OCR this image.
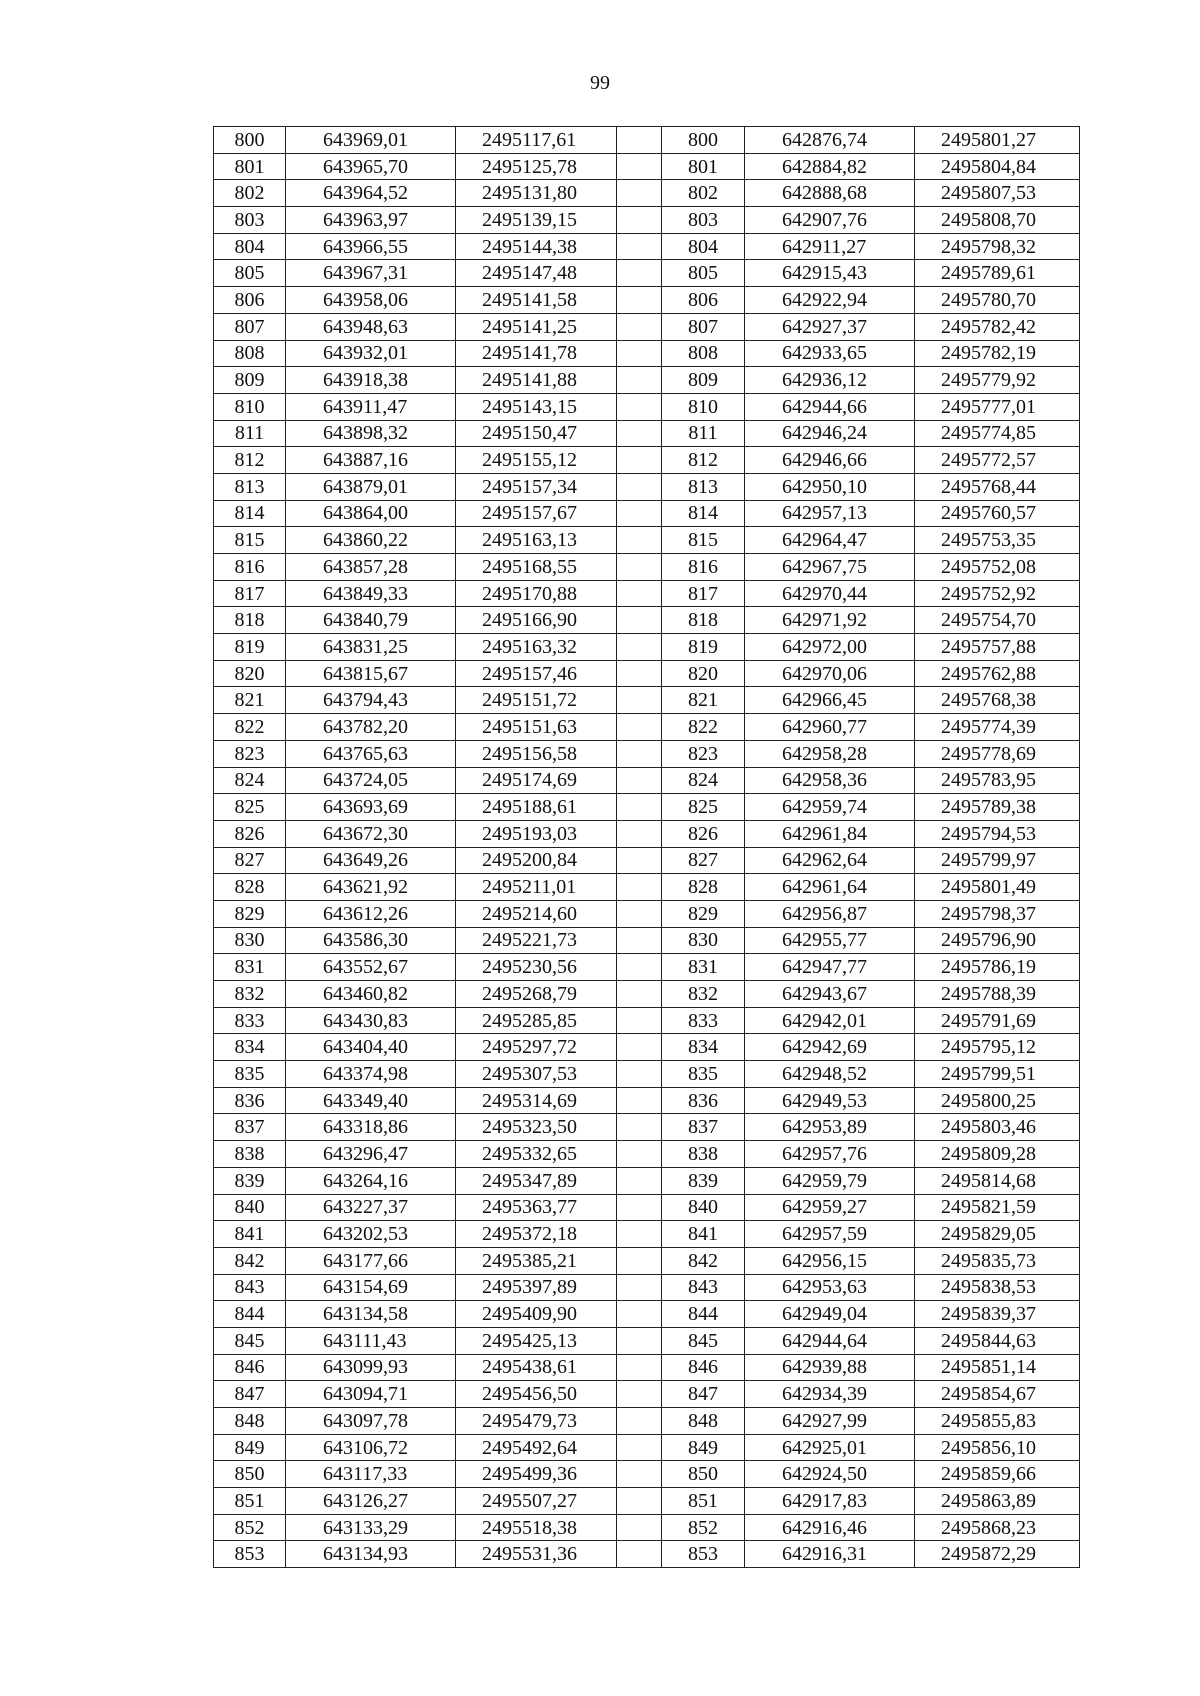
99
800	643969,01	2495117,61		800	642876,74	2495801,27
801	643965,70	2495125,78		801	642884,82	2495804,84
802	643964,52	2495131,80		802	642888,68	2495807,53
803	643963,97	2495139,15		803	642907,76	2495808,70
804	643966,55	2495144,38		804	642911,27	2495798,32
805	643967,31	2495147,48		805	642915,43	2495789,61
806	643958,06	2495141,58		806	642922,94	2495780,70
807	643948,63	2495141,25		807	642927,37	2495782,42
808	643932,01	2495141,78		808	642933,65	2495782,19
809	643918,38	2495141,88		809	642936,12	2495779,92
810	643911,47	2495143,15		810	642944,66	2495777,01
811	643898,32	2495150,47		811	642946,24	2495774,85
812	643887,16	2495155,12		812	642946,66	2495772,57
813	643879,01	2495157,34		813	642950,10	2495768,44
814	643864,00	2495157,67		814	642957,13	2495760,57
815	643860,22	2495163,13		815	642964,47	2495753,35
816	643857,28	2495168,55		816	642967,75	2495752,08
817	643849,33	2495170,88		817	642970,44	2495752,92
818	643840,79	2495166,90		818	642971,92	2495754,70
819	643831,25	2495163,32		819	642972,00	2495757,88
820	643815,67	2495157,46		820	642970,06	2495762,88
821	643794,43	2495151,72		821	642966,45	2495768,38
822	643782,20	2495151,63		822	642960,77	2495774,39
823	643765,63	2495156,58		823	642958,28	2495778,69
824	643724,05	2495174,69		824	642958,36	2495783,95
825	643693,69	2495188,61		825	642959,74	2495789,38
826	643672,30	2495193,03		826	642961,84	2495794,53
827	643649,26	2495200,84		827	642962,64	2495799,97
828	643621,92	2495211,01		828	642961,64	2495801,49
829	643612,26	2495214,60		829	642956,87	2495798,37
830	643586,30	2495221,73		830	642955,77	2495796,90
831	643552,67	2495230,56		831	642947,77	2495786,19
832	643460,82	2495268,79		832	642943,67	2495788,39
833	643430,83	2495285,85		833	642942,01	2495791,69
834	643404,40	2495297,72		834	642942,69	2495795,12
835	643374,98	2495307,53		835	642948,52	2495799,51
836	643349,40	2495314,69		836	642949,53	2495800,25
837	643318,86	2495323,50		837	642953,89	2495803,46
838	643296,47	2495332,65		838	642957,76	2495809,28
839	643264,16	2495347,89		839	642959,79	2495814,68
840	643227,37	2495363,77		840	642959,27	2495821,59
841	643202,53	2495372,18		841	642957,59	2495829,05
842	643177,66	2495385,21		842	642956,15	2495835,73
843	643154,69	2495397,89		843	642953,63	2495838,53
844	643134,58	2495409,90		844	642949,04	2495839,37
845	643111,43	2495425,13		845	642944,64	2495844,63
846	643099,93	2495438,61		846	642939,88	2495851,14
847	643094,71	2495456,50		847	642934,39	2495854,67
848	643097,78	2495479,73		848	642927,99	2495855,83
849	643106,72	2495492,64		849	642925,01	2495856,10
850	643117,33	2495499,36		850	642924,50	2495859,66
851	643126,27	2495507,27		851	642917,83	2495863,89
852	643133,29	2495518,38		852	642916,46	2495868,23
853	643134,93	2495531,36		853	642916,31	2495872,29
